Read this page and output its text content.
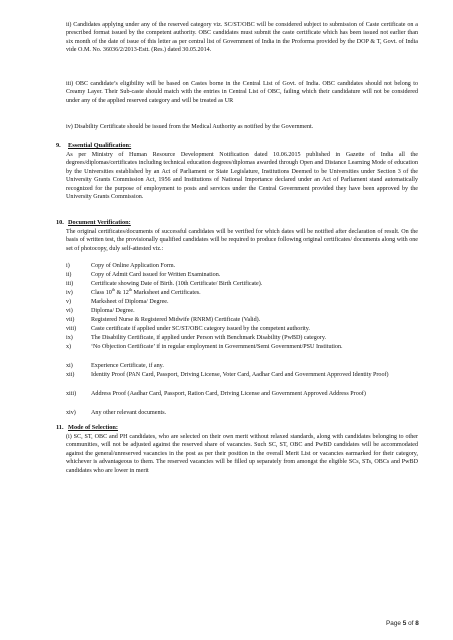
ii) Candidates applying under any of the reserved category viz. SC/ST/OBC will be considered subject to submission of Caste certificate on a prescribed format issued by the competent authority. OBC candidates must submit the caste certificate which has been issued not earlier than six month of the date of issue of this letter as per central list of Government of India in the Proforma provided by the DOP & T, Govt. of India vide O.M. No. 36036/2/2013-Estt. (Res.) dated 30.05.2014.
iii) OBC candidate’s eligibility will be based on Castes borne in the Central List of Govt. of India. OBC candidates should not belong to Creamy Layer. Their Sub-caste should match with the entries in Central List of OBC, failing which their candidature will not be considered under any of the applied reserved category and will be treated as UR
iv) Disability Certificate should be issued from the Medical Authority as notified by the Government.
9. Essential Qualification:
As per Ministry of Human Resource Development Notification dated 10.06.2015 published in Gazette of India all the degrees/diplomas/certificates including technical education degrees/diplomas awarded through Open and Distance Learning Mode of education by the Universities established by an Act of Parliament or State Legislature, Institutions Deemed to be Universities under Section 3 of the University Grants Commission Act, 1956 and Institutions of National Importance declared under an Act of Parliament stand automatically recognized for the purpose of employment to posts and services under the Central Government provided they have been approved by the University Grants Commission.
10. Document Verification:
The original certificates/documents of successful candidates will be verified for which dates will be notified after declaration of result. On the basis of written test, the provisionally qualified candidates will be required to produce following original certificates/ documents along with one set of photocopy, duly self-attested viz.:
i)	Copy of Online Application Form.
ii)	Copy of Admit Card issued for Written Examination.
iii)	Certificate showing Date of Birth. (10th Certificate/ Birth Certificate).
iv)	Class 10th & 12th Marksheet and Certificates.
v)	Marksheet of Diploma/ Degree.
vi)	Diploma/ Degree.
vii)	Registered Nurse & Registered Midwife (RNRM) Certificate (Valid).
viii)	Caste certificate if applied under SC/ST/OBC category issued by the competent authority.
ix)	The Disability Certificate, if applied under Person with Benchmark Disability (PwBD) category.
x)	‘No Objection Certificate’ if in regular employment in Government/Semi Government/PSU Institution.
xi)	Experience Certificate, if any.
xii)	Identity Proof (PAN Card, Passport, Driving License, Voter Card, Aadhar Card and Government Approved Identity Proof)
xiii)	Address Proof (Aadhar Card, Passport, Ration Card, Driving License and Government Approved Address Proof)
xiv)	Any other relevant documents.
11. Mode of Selection:
(i) SC, ST, OBC and PH candidates, who are selected on their own merit without relaxed standards, along with candidates belonging to other communities, will not be adjusted against the reserved share of vacancies. Such SC, ST, OBC and PwBD candidates will be accommodated against the general/unreserved vacancies in the post as per their position in the overall Merit List or vacancies earmarked for their category, whichever is advantageous to them. The reserved vacancies will be filled up separately from amongst the eligible SCs, STs, OBCs and PwBD candidates who are lower in merit
Page 5 of 8
